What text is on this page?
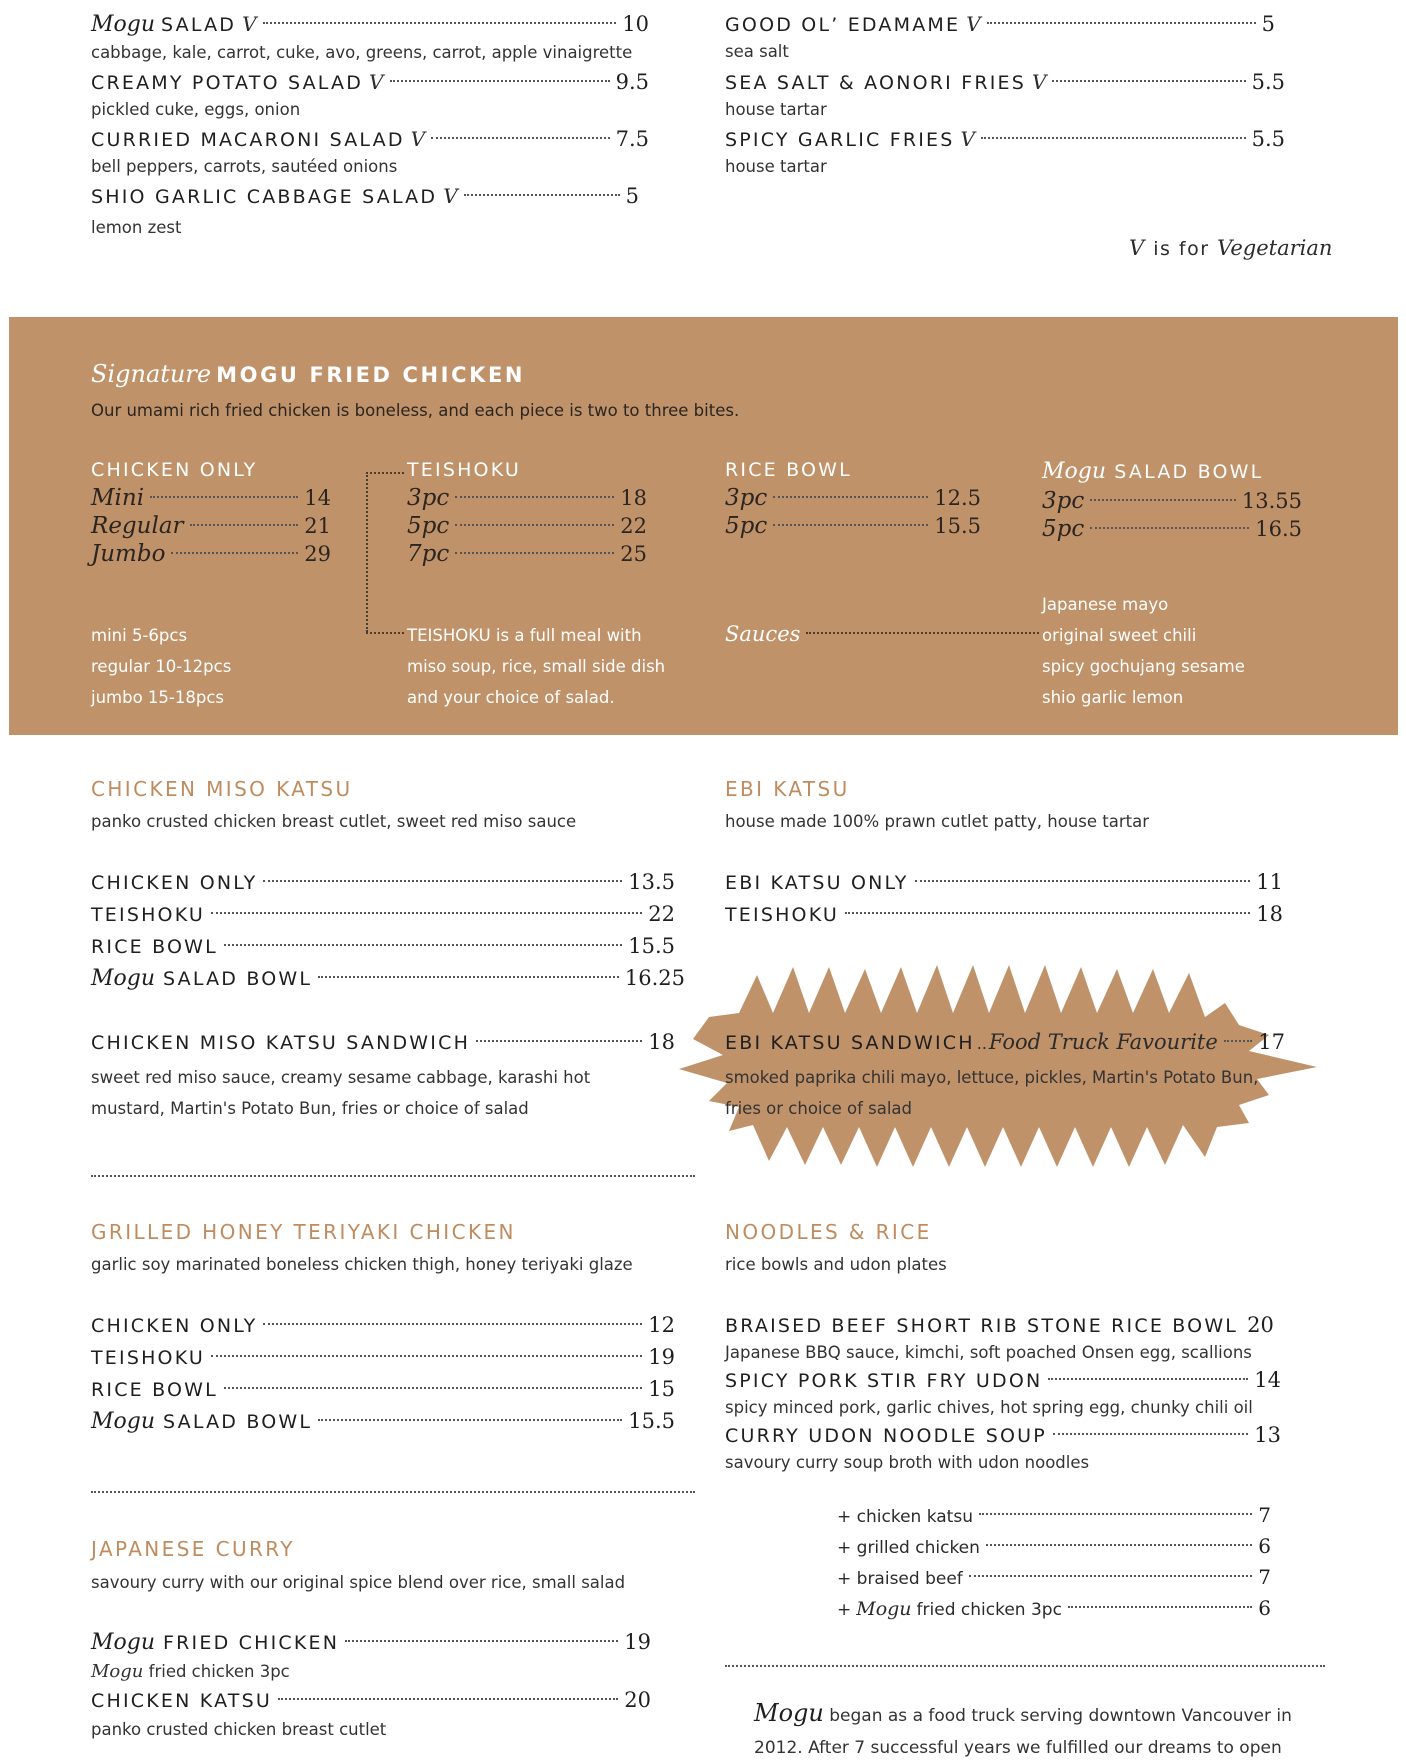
Mogu SALAD V	10
cabbage, kale, carrot, cuke, avo, greens, carrot, apple vinaigrette
CREAMY POTATO SALAD V	9.5
pickled cuke, eggs, onion
CURRIED MACARONI SALAD V	7.5
bell peppers, carrots, sautéed onions
SHIO GARLIC CABBAGE SALAD V	5
lemon zest
GOOD OL’ EDAMAME V	5
sea salt
SEA SALT & AONORI FRIES V	5.5
house tartar
SPICY GARLIC FRIES V	5.5
house tartar
V is for Vegetarian
Signature MOGU FRIED CHICKEN
Our umami rich fried chicken is boneless, and each piece is two to three bites.
CHICKEN ONLY
Mini	14
Regular	21
Jumbo	29
TEISHOKU
3pc	18
5pc	22
7pc	25
RICE BOWL
3pc	12.5
5pc	15.5
Mogu SALAD BOWL
3pc	13.55
5pc	16.5
mini 5-6pcs
regular 10-12pcs
jumbo 15-18pcs
TEISHOKU is a full meal with
miso soup, rice, small side dish
and your choice of salad.
Sauces
Japanese mayo
original sweet chili
spicy gochujang sesame
shio garlic lemon
CHICKEN MISO KATSU
panko crusted chicken breast cutlet, sweet red miso sauce
CHICKEN ONLY	13.5
TEISHOKU	22
RICE BOWL	15.5
Mogu SALAD BOWL	16.25
CHICKEN MISO KATSU SANDWICH	18
sweet red miso sauce, creamy sesame cabbage, karashi hot
mustard, Martin's Potato Bun, fries or choice of salad
EBI KATSU
house made 100% prawn cutlet patty, house tartar
EBI KATSU ONLY	11
TEISHOKU	18
EBI KATSU SANDWICH .. Food Truck Favourite 17
smoked paprika chili mayo, lettuce, pickles, Martin's Potato Bun,
fries or choice of salad
GRILLED HONEY TERIYAKI CHICKEN
garlic soy marinated boneless chicken thigh, honey teriyaki glaze
CHICKEN ONLY	12
TEISHOKU	19
RICE BOWL	15
Mogu SALAD BOWL	15.5
JAPANESE CURRY
savoury curry with our original spice blend over rice, small salad
Mogu FRIED CHICKEN	19
Mogu fried chicken 3pc
CHICKEN KATSU	20
panko crusted chicken breast cutlet
NOODLES & RICE
rice bowls and udon plates
BRAISED BEEF SHORT RIB STONE RICE BOWL 20
Japanese BBQ sauce, kimchi, soft poached Onsen egg, scallions
SPICY PORK STIR FRY UDON	14
spicy minced pork, garlic chives, hot spring egg, chunky chili oil
CURRY UDON NOODLE SOUP	13
savoury curry soup broth with udon noodles
+ chicken katsu	7
+ grilled chicken	6
+ braised beef	7
+ Mogu fried chicken 3pc	6
Mogu began as a food truck serving downtown Vancouver in
2012. After 7 successful years we fulfilled our dreams to open
